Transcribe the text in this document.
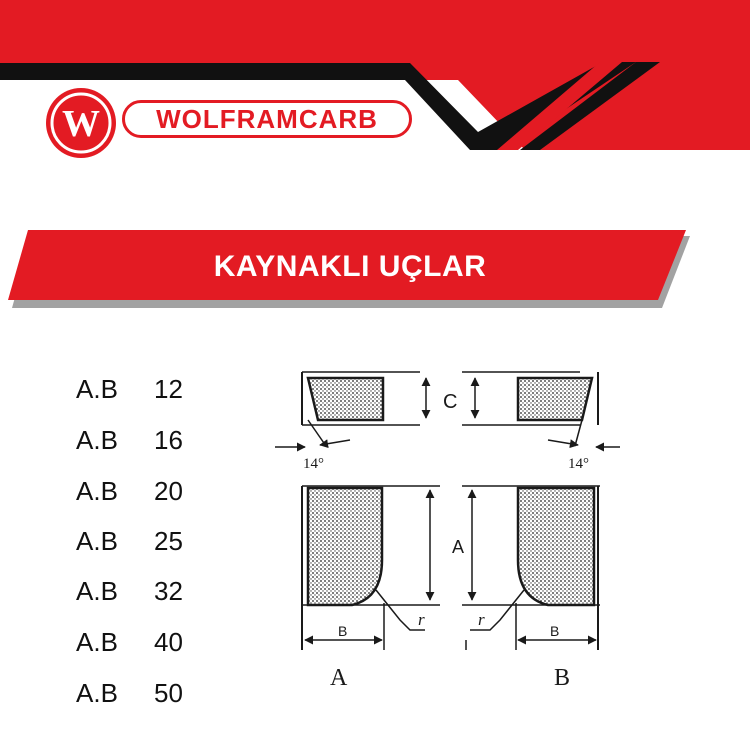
W	WOLFRAMCARB
KAYNAKLI UÇLAR
A.B 12
A.B 16
A.B 20
A.B 25
A.B 32
A.B 40
A.B 50
14°	14°
C
A
B	B
r	r
A	B
